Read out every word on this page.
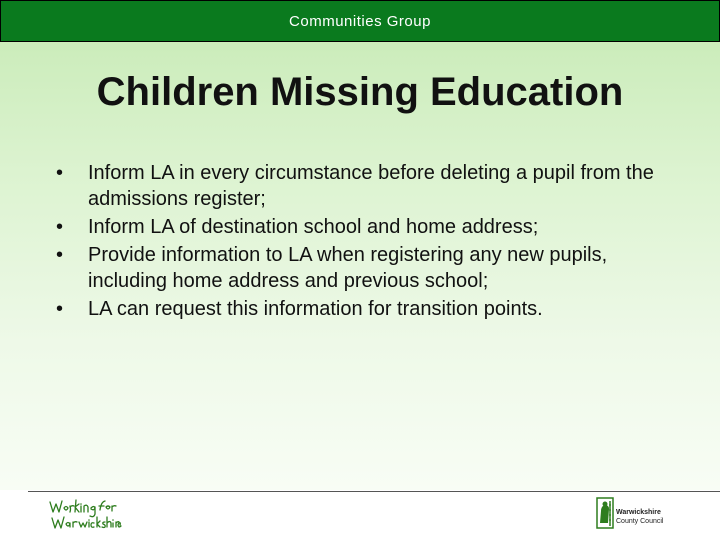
Communities Group
Children Missing Education
• Inform LA in every circumstance before deleting a pupil from the admissions register;
• Inform LA of destination school and home address;
• Provide information to LA when registering any new pupils, including home address and previous school;
• LA can request this information for transition points.
Warwickshire
County Council
